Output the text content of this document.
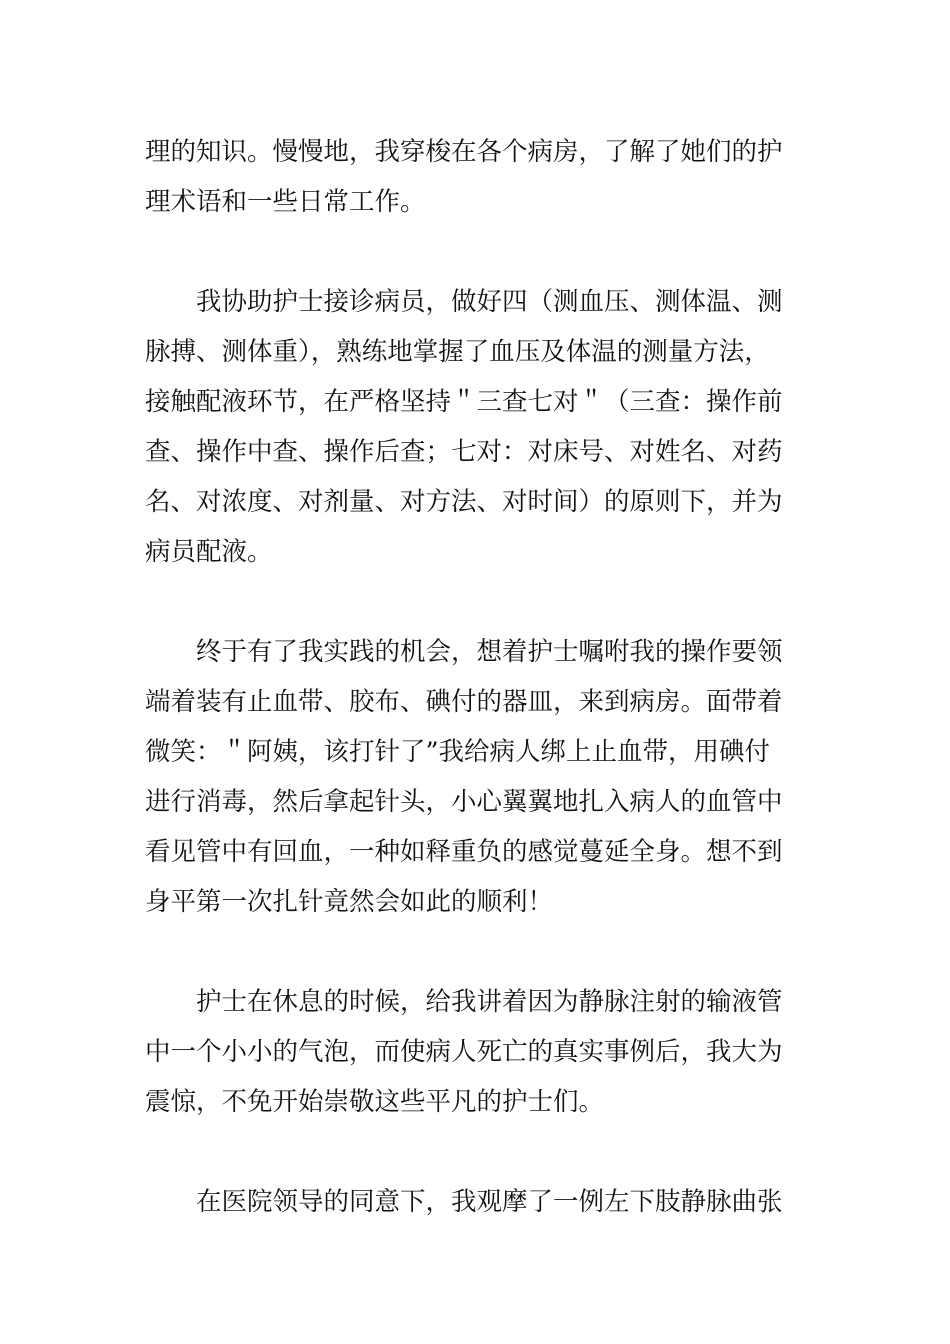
理的知识。慢慢地，我穿梭在各个病房，了解了她们的护
理术语和一些日常工作。

我协助护士接诊病员，做好四（测血压、测体温、测
脉搏、测体重），熟练地掌握了血压及体温的测量方法，
接触配液环节，在严格坚持＂三查七对＂（三查：操作前
查、操作中查、操作后查；七对：对床号、对姓名、对药
名、对浓度、对剂量、对方法、对时间）的原则下，并为
病员配液。

终于有了我实践的机会，想着护士嘱咐我的操作要领
端着装有止血带、胶布、碘付的器皿，来到病房。面带着
微笑：＂阿姨，该打针了”我给病人绑上止血带，用碘付
进行消毒，然后拿起针头，小心翼翼地扎入病人的血管中
看见管中有回血，一种如释重负的感觉蔓延全身。想不到
身平第一次扎针竟然会如此的顺利！

护士在休息的时候，给我讲着因为静脉注射的输液管
中一个小小的气泡，而使病人死亡的真实事例后，我大为
震惊，不免开始崇敬这些平凡的护士们。

在医院领导的同意下，我观摩了一例左下肢静脉曲张
